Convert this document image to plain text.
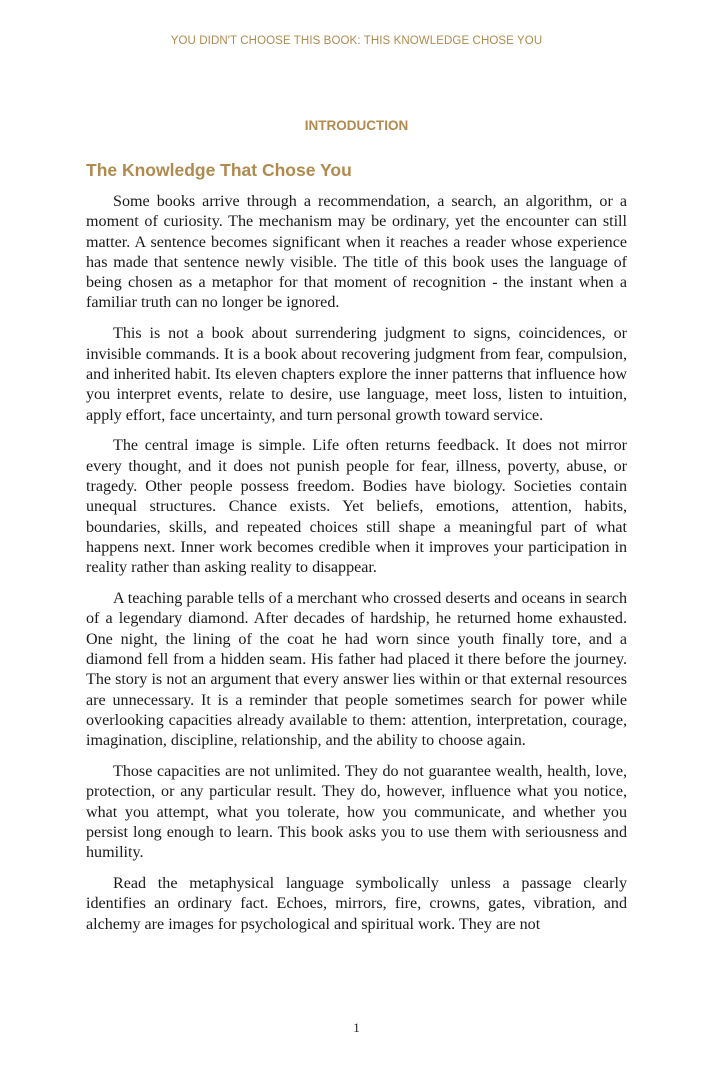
YOU DIDN'T CHOOSE THIS BOOK: THIS KNOWLEDGE CHOSE YOU
INTRODUCTION
The Knowledge That Chose You

Some books arrive through a recommendation, a search, an algorithm, or a moment of curiosity. The mechanism may be ordinary, yet the encounter can still matter. A sentence becomes significant when it reaches a reader whose experience has made that sentence newly visible. The title of this book uses the language of being chosen as a metaphor for that moment of recognition - the instant when a familiar truth can no longer be ignored.

This is not a book about surrendering judgment to signs, coincidences, or invisible commands. It is a book about recovering judgment from fear, compulsion, and inherited habit. Its eleven chapters explore the inner patterns that influence how you interpret events, relate to desire, use language, meet loss, listen to intuition, apply effort, face uncertainty, and turn personal growth toward service.

The central image is simple. Life often returns feedback. It does not mirror every thought, and it does not punish people for fear, illness, poverty, abuse, or tragedy. Other people possess freedom. Bodies have biology. Societies contain unequal structures. Chance exists. Yet beliefs, emotions, attention, habits, boundaries, skills, and repeated choices still shape a meaningful part of what happens next. Inner work becomes credible when it improves your participation in reality rather than asking reality to disappear.

A teaching parable tells of a merchant who crossed deserts and oceans in search of a legendary diamond. After decades of hardship, he returned home exhausted. One night, the lining of the coat he had worn since youth finally tore, and a diamond fell from a hidden seam. His father had placed it there before the journey. The story is not an argument that every answer lies within or that external resources are unnecessary. It is a reminder that people sometimes search for power while overlooking capacities already available to them: attention, interpretation, courage, imagination, discipline, relationship, and the ability to choose again.

Those capacities are not unlimited. They do not guarantee wealth, health, love, protection, or any particular result. They do, however, influence what you notice, what you attempt, what you tolerate, how you communicate, and whether you persist long enough to learn. This book asks you to use them with seriousness and humility.

Read the metaphysical language symbolically unless a passage clearly identifies an ordinary fact. Echoes, mirrors, fire, crowns, gates, vibration, and alchemy are images for psychological and spiritual work. They are not

1
